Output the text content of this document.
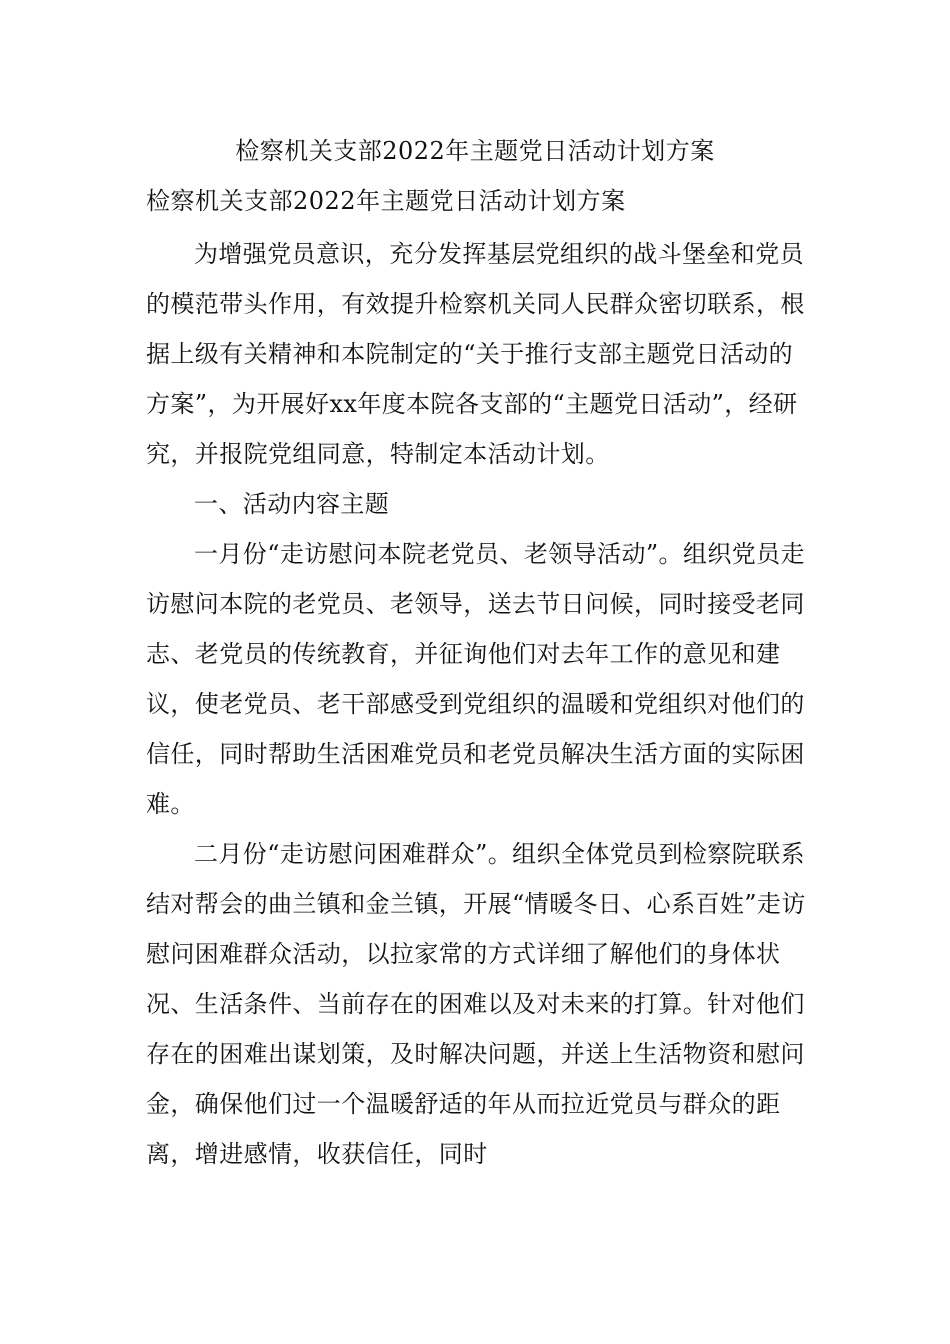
检察机关支部2022年主题党日活动计划方案
检察机关支部2022年主题党日活动计划方案

为增强党员意识，充分发挥基层党组织的战斗堡垒和党员的模范带头作用，有效提升检察机关同人民群众密切联系，根据上级有关精神和本院制定的“关于推行支部主题党日活动的方案”，为开展好xx年度本院各支部的“主题党日活动”，经研究，并报院党组同意，特制定本活动计划。

一、活动内容主题

一月份“走访慰问本院老党员、老领导活动”。组织党员走访慰问本院的老党员、老领导，送去节日问候，同时接受老同志、老党员的传统教育，并征询他们对去年工作的意见和建议，使老党员、老干部感受到党组织的温暖和党组织对他们的信任，同时帮助生活困难党员和老党员解决生活方面的实际困难。

二月份“走访慰问困难群众”。组织全体党员到检察院联系结对帮会的曲兰镇和金兰镇，开展“情暖冬日、心系百姓”走访慰问困难群众活动，以拉家常的方式详细了解他们的身体状况、生活条件、当前存在的困难以及对未来的打算。针对他们存在的困难出谋划策，及时解决问题，并送上生活物资和慰问金，确保他们过一个温暖舒适的年从而拉近党员与群众的距离，增进感情，收获信任，同时
